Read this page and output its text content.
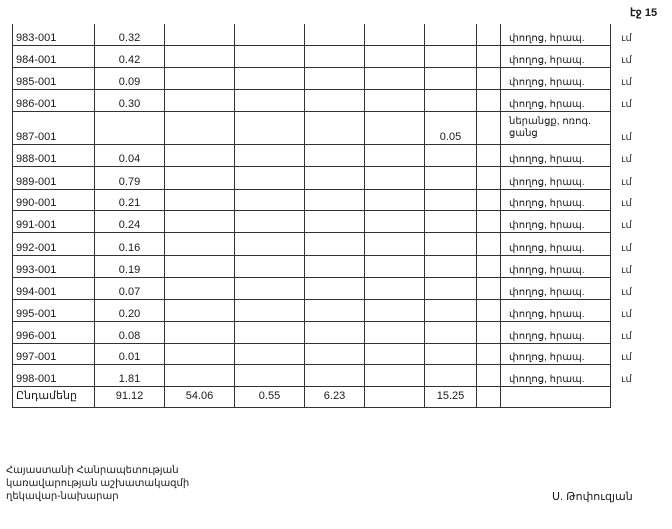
էջ 15
983-001	0.32							փողոց, հրապ.	ւմ
984-001	0.42							փողոց, հրապ.	ւմ
985-001	0.09							փողոց, հրապ.	ւմ
986-001	0.30							փողոց, հրապ.	ւմ
987-001						0.05		ներանցք, ոռոգ. ցանց	ւմ
988-001	0.04							փողոց, հրապ.	ւմ
989-001	0.79							փողոց, հրապ.	ւմ
990-001	0.21							փողոց, հրապ.	ւմ
991-001	0.24							փողոց, հրապ.	ւմ
992-001	0.16							փողոց, հրապ.	ւմ
993-001	0.19							փողոց, հրապ.	ւմ
994-001	0.07							փողոց, հրապ.	ւմ
995-001	0.20							փողոց, հրապ.	ւմ
996-001	0.08							փողոց, հրապ.	ւմ
997-001	0.01							փողոց, հրապ.	ւմ
998-001	1.81							փողոց, հրապ.	ւմ
Ընդամենը	91.12	54.06	0.55	6.23		15.25			
Հայաստանի Հանրապետության
կառավարության աշխատակազմի
ղեկավար-նախարար	Ս. Թոփուզյան
